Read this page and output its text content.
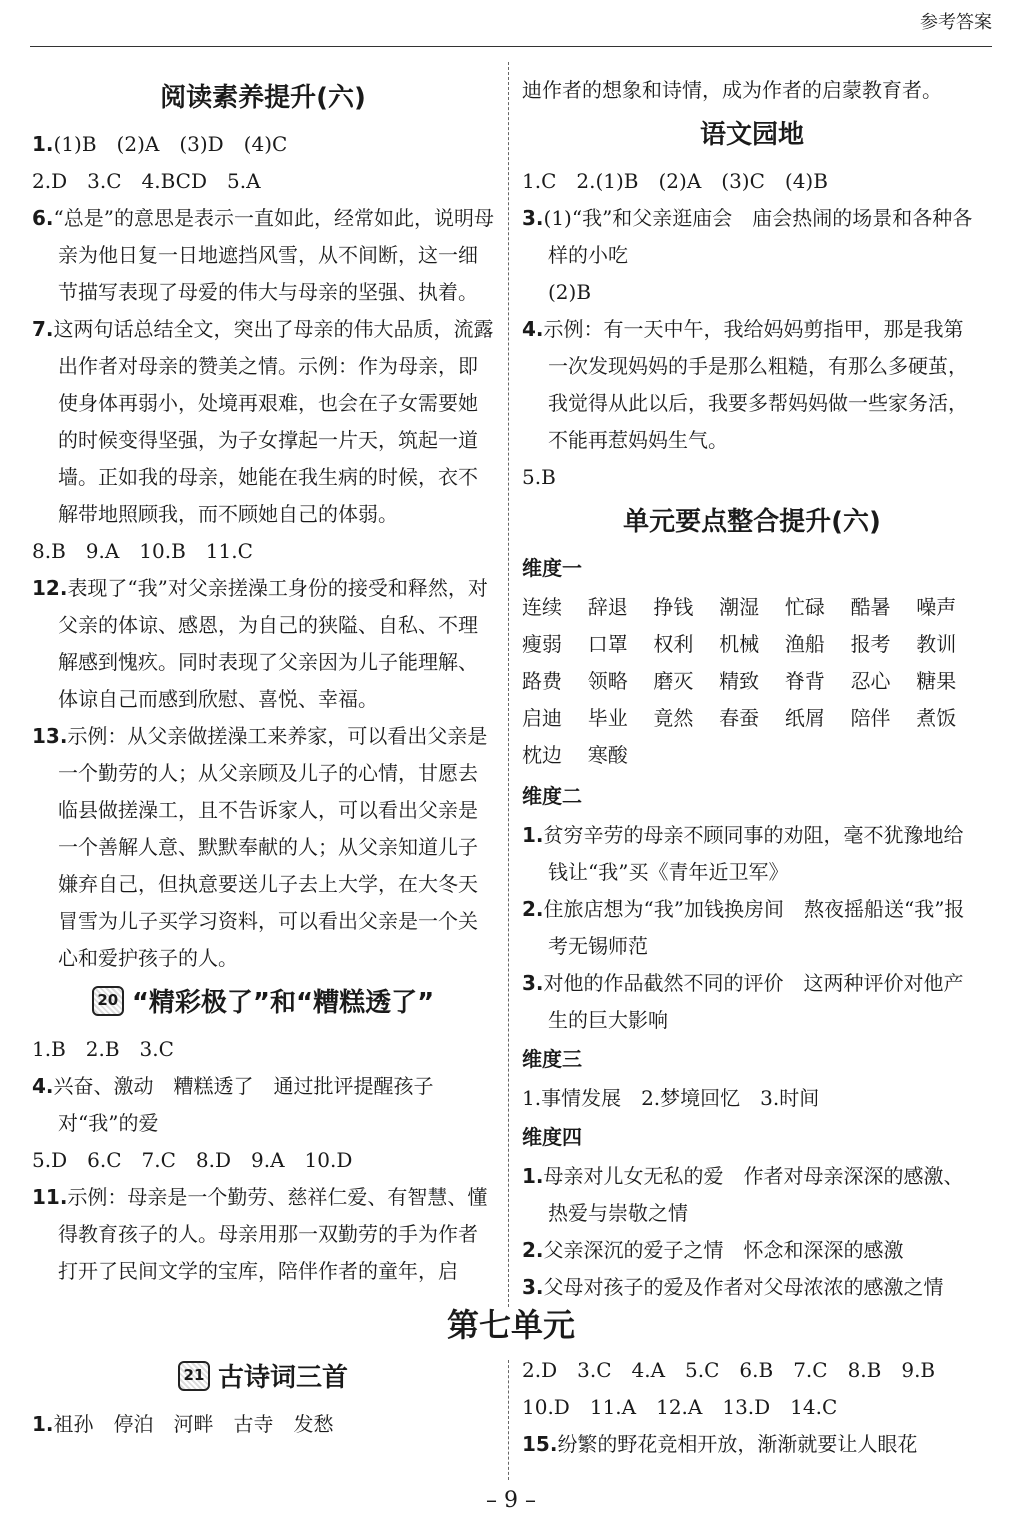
参考答案
阅读素养提升(六)

1.(1)B　(2)A　(3)D　(4)C

2.D　3.C　4.BCD　5.A

6.“总是”的意思是表示一直如此，经常如此，说明母亲为他日复一日地遮挡风雪，从不间断，这一细节描写表现了母爱的伟大与母亲的坚强、执着。

7.这两句话总结全文，突出了母亲的伟大品质，流露出作者对母亲的赞美之情。示例：作为母亲，即使身体再弱小，处境再艰难，也会在子女需要她的时候变得坚强，为子女撑起一片天，筑起一道墙。正如我的母亲，她能在我生病的时候，衣不解带地照顾我，而不顾她自己的体弱。

8.B　9.A　10.B　11.C

12.表现了“我”对父亲搓澡工身份的接受和释然，对父亲的体谅、感恩，为自己的狭隘、自私、不理解感到愧疚。同时表现了父亲因为儿子能理解、体谅自己而感到欣慰、喜悦、幸福。

13.示例：从父亲做搓澡工来养家，可以看出父亲是一个勤劳的人；从父亲顾及儿子的心情，甘愿去临县做搓澡工，且不告诉家人，可以看出父亲是一个善解人意、默默奉献的人；从父亲知道儿子嫌弃自己，但执意要送儿子去上大学，在大冬天冒雪为儿子买学习资料，可以看出父亲是一个关心和爱护孩子的人。

20 “精彩极了”和“糟糕透了”

1.B　2.B　3.C

4.兴奋、激动　糟糕透了　通过批评提醒孩子对“我”的爱

5.D　6.C　7.C　8.D　9.A　10.D

11.示例：母亲是一个勤劳、慈祥仁爱、有智慧、懂得教育孩子的人。母亲用那一双勤劳的手为作者打开了民间文学的宝库，陪伴作者的童年，启

迪作者的想象和诗情，成为作者的启蒙教育者。

语文园地

1.C　2.(1)B　(2)A　(3)C　(4)B

3.(1)“我”和父亲逛庙会　庙会热闹的场景和各种各样的小吃

(2)B

4.示例：有一天中午，我给妈妈剪指甲，那是我第一次发现妈妈的手是那么粗糙，有那么多硬茧，我觉得从此以后，我要多帮妈妈做一些家务活，不能再惹妈妈生气。

5.B

单元要点整合提升(六)

维度一

连续	辞退	挣钱	潮湿	忙碌	酷暑	噪声
瘦弱	口罩	权利	机械	渔船	报考	教训
路费	领略	磨灭	精致	脊背	忍心	糖果
启迪	毕业	竟然	春蚕	纸屑	陪伴	煮饭
枕边	寒酸

维度二

1.贫穷辛劳的母亲不顾同事的劝阻，毫不犹豫地给钱让“我”买《青年近卫军》

2.住旅店想为“我”加钱换房间　熬夜摇船送“我”报考无锡师范

3.对他的作品截然不同的评价　这两种评价对他产生的巨大影响

维度三

1.事情发展　2.梦境回忆　3.时间

维度四

1.母亲对儿女无私的爱　作者对母亲深深的感激、热爱与崇敬之情

2.父亲深沉的爱子之情　怀念和深深的感激

3.父母对孩子的爱及作者对父母浓浓的感激之情

第七单元
21 古诗词三首

1.祖孙　停泊　河畔　古寺　发愁

2.D　3.C　4.A　5.C　6.B　7.C　8.B　9.B

10.D　11.A　12.A　13.D　14.C

15.纷繁的野花竞相开放，渐渐就要让人眼花

– 9 –
